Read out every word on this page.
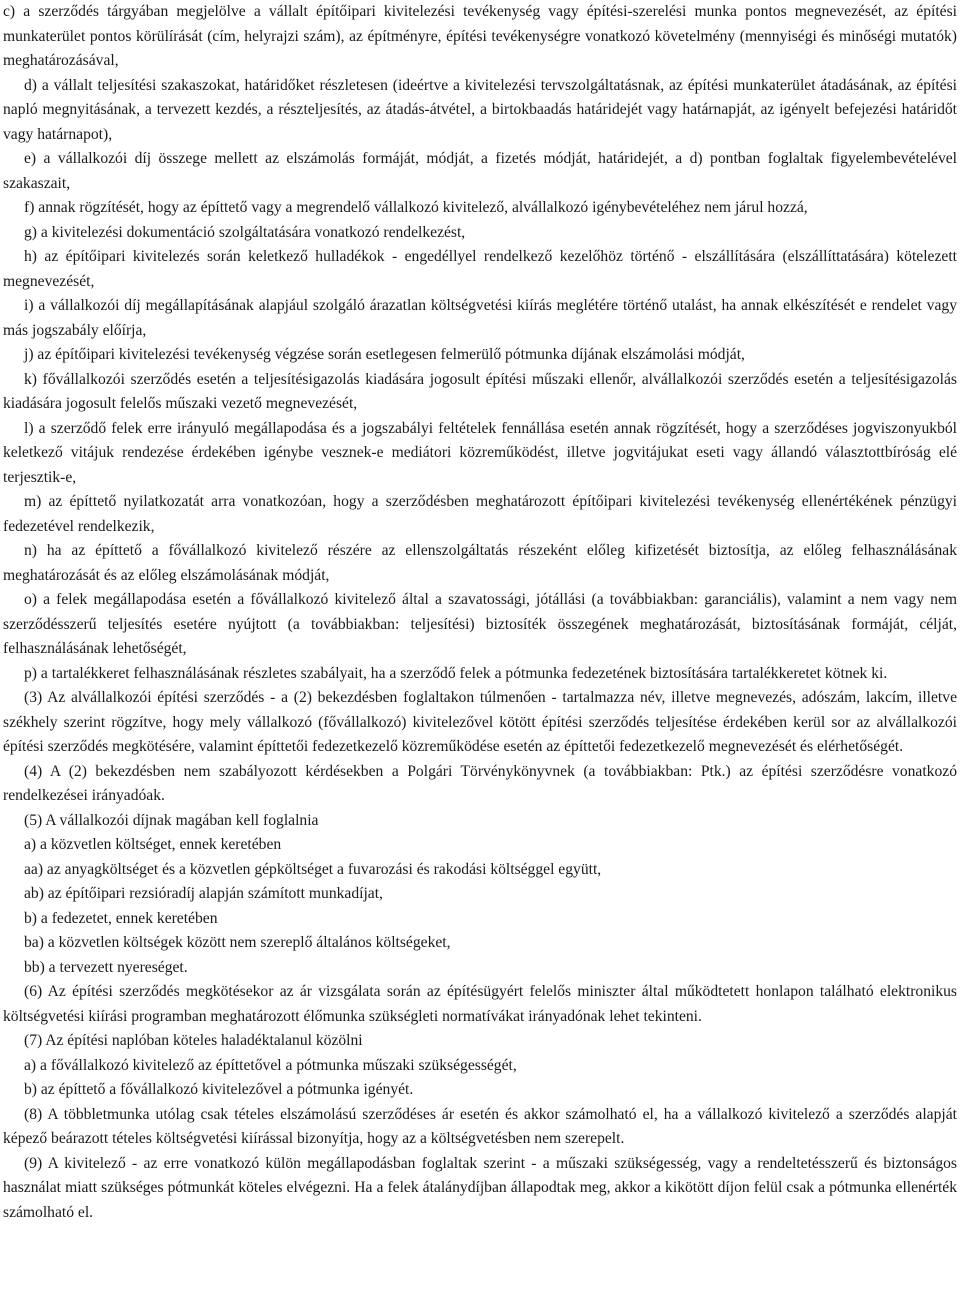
c) a szerződés tárgyában megjelölve a vállalt építőipari kivitelezési tevékenység vagy építési-szerelési munka pontos megnevezését, az építési munkaterület pontos körülírását (cím, helyrajzi szám), az építményre, építési tevékenységre vonatkozó követelmény (mennyiségi és minőségi mutatók) meghatározásával,

d) a vállalt teljesítési szakaszokat, határidőket részletesen (ideértve a kivitelezési tervszolgáltatásnak, az építési munkaterület átadásának, az építési napló megnyitásának, a tervezett kezdés, a részteljesítés, az átadás-átvétel, a birtokbaadás határidejét vagy határnapját, az igényelt befejezési határidőt vagy határnapot),

e) a vállalkozói díj összege mellett az elszámolás formáját, módját, a fizetés módját, határidejét, a d) pontban foglaltak figyelembevételével szakaszait,

f) annak rögzítését, hogy az építtető vagy a megrendelő vállalkozó kivitelező, alvállalkozó igénybevételéhez nem járul hozzá,

g) a kivitelezési dokumentáció szolgáltatására vonatkozó rendelkezést,

h) az építőipari kivitelezés során keletkező hulladékok - engedéllyel rendelkező kezelőhöz történő - elszállítására (elszállíttatására) kötelezett megnevezését,

i) a vállalkozói díj megállapításának alapjául szolgáló árazatlan költségvetési kiírás meglétére történő utalást, ha annak elkészítését e rendelet vagy más jogszabály előírja,

j) az építőipari kivitelezési tevékenység végzése során esetlegesen felmerülő pótmunka díjának elszámolási módját,

k) fővállalkozói szerződés esetén a teljesítésigazolás kiadására jogosult építési műszaki ellenőr, alvállalkozói szerződés esetén a teljesítésigazolás kiadására jogosult felelős műszaki vezető megnevezését,

l) a szerződő felek erre irányuló megállapodása és a jogszabályi feltételek fennállása esetén annak rögzítését, hogy a szerződéses jogviszonyukból keletkező vitájuk rendezése érdekében igénybe vesznek-e mediátori közreműködést, illetve jogvitájukat eseti vagy állandó választottbíróság elé terjesztik-e,

m) az építtető nyilatkozatát arra vonatkozóan, hogy a szerződésben meghatározott építőipari kivitelezési tevékenység ellenértékének pénzügyi fedezetével rendelkezik,

n) ha az építtető a fővállalkozó kivitelező részére az ellenszolgáltatás részeként előleg kifizetését biztosítja, az előleg felhasználásának meghatározását és az előleg elszámolásának módját,

o) a felek megállapodása esetén a fővállalkozó kivitelező által a szavatossági, jótállási (a továbbiakban: garanciális), valamint a nem vagy nem szerződésszerű teljesítés esetére nyújtott (a továbbiakban: teljesítési) biztosíték összegének meghatározását, biztosításának formáját, célját, felhasználásának lehetőségét,

p) a tartalékkeret felhasználásának részletes szabályait, ha a szerződő felek a pótmunka fedezetének biztosítására tartalékkeretet kötnek ki.

(3) Az alvállalkozói építési szerződés - a (2) bekezdésben foglaltakon túlmenően - tartalmazza név, illetve megnevezés, adószám, lakcím, illetve székhely szerint rögzítve, hogy mely vállalkozó (fővállalkozó) kivitelezővel kötött építési szerződés teljesítése érdekében kerül sor az alvállalkozói építési szerződés megkötésére, valamint építtetői fedezetkezelő közreműködése esetén az építtetői fedezetkezelő megnevezését és elérhetőségét.

(4) A (2) bekezdésben nem szabályozott kérdésekben a Polgári Törvénykönyvnek (a továbbiakban: Ptk.) az építési szerződésre vonatkozó rendelkezései irányadóak.

(5) A vállalkozói díjnak magában kell foglalnia

a) a közvetlen költséget, ennek keretében

aa) az anyagköltséget és a közvetlen gépköltséget a fuvarozási és rakodási költséggel együtt,

ab) az építőipari rezsióradíj alapján számított munkadíjat,

b) a fedezetet, ennek keretében

ba) a közvetlen költségek között nem szereplő általános költségeket,

bb) a tervezett nyereséget.

(6) Az építési szerződés megkötésekor az ár vizsgálata során az építésügyért felelős miniszter által működtetett honlapon található elektronikus költségvetési kiírási programban meghatározott élőmunka szükségleti normatívákat irányadónak lehet tekinteni.

(7) Az építési naplóban köteles haladéktalanul közölni

a) a fővállalkozó kivitelező az építtetővel a pótmunka műszaki szükségességét,

b) az építtető a fővállalkozó kivitelezővel a pótmunka igényét.

(8) A többletmunka utólag csak tételes elszámolású szerződéses ár esetén és akkor számolható el, ha a vállalkozó kivitelező a szerződés alapját képező beárazott tételes költségvetési kiírással bizonyítja, hogy az a költségvetésben nem szerepelt.

(9) A kivitelező - az erre vonatkozó külön megállapodásban foglaltak szerint - a műszaki szükségesség, vagy a rendeltetésszerű és biztonságos használat miatt szükséges pótmunkát köteles elvégezni. Ha a felek átalánydíjban állapodtak meg, akkor a kikötött díjon felül csak a pótmunka ellenérték számolható el.
